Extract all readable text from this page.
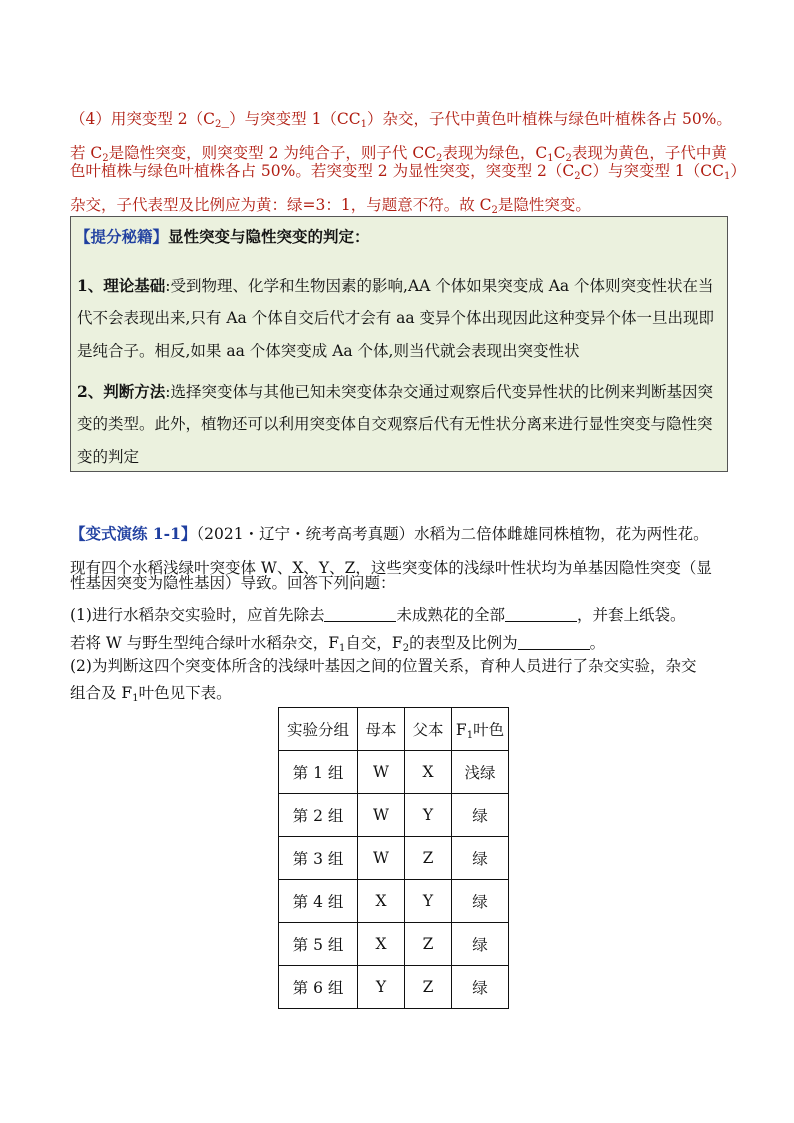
（4）用突变型 $2(C_2\_)$与突变型 $1(CC_1)$杂交，子代中黄色叶植株与绿色叶植株各占 50%。
若 $C_2$是隐性突变，则突变型 2 为纯合子，则子代 $CC_2$表现为绿色，$C_1C_2$表现为黄色，子代中黄
色叶植株与绿色叶植株各占 50%。若突变型 2 为显性突变，突变型 $2(C_2C)$与突变型 $1(CC_1)$
杂交，子代表型及比例应为黄：绿=3：1，与题意不符。故 $C_2$是隐性突变。
【提分秘籍】显性突变与隐性突变的判定：
1、理论基础:受到物理、化学和生物因素的影响,AA 个体如果突变成 Aa 个体则突变性状在当
代不会表现出来,只有 Aa 个体自交后代才会有 aa 变异个体出现因此这种变异个体一旦出现即
是纯合子。相反,如果 aa 个体突变成 Aa 个体,则当代就会表现出突变性状
2、判断方法:选择突变体与其他已知未突变体杂交通过观察后代变异性状的比例来判断基因突
变的类型。此外，植物还可以利用突变体自交观察后代有无性状分离来进行显性突变与隐性突
变的判定
【变式演练 1-1】（2021・辽宁・统考高考真题）水稻为二倍体雌雄同株植物，花为两性花。
现有四个水稻浅绿叶突变体 W、X、Y、Z，这些突变体的浅绿叶性状均为单基因隐性突变（显
性基因突变为隐性基因）导致。回答下列问题：
(1)进行水稻杂交实验时，应首先除去	未成熟花的全部	，并套上纸袋。
若将 W 与野生型纯合绿叶水稻杂交，$F_1$自交，$F_2$的表型及比例为	。
(2)为判断这四个突变体所含的浅绿叶基因之间的位置关系，育种人员进行了杂交实验，杂交
组合及 $F_1$叶色见下表。
实验分组	母本	父本	$F_1$叶色
第 1 组	W	X	浅绿
第 2 组	W	Y	绿
第 3 组	W	Z	绿
第 4 组	X	Y	绿
第 5 组	X	Z	绿
第 6 组	Y	Z	绿
